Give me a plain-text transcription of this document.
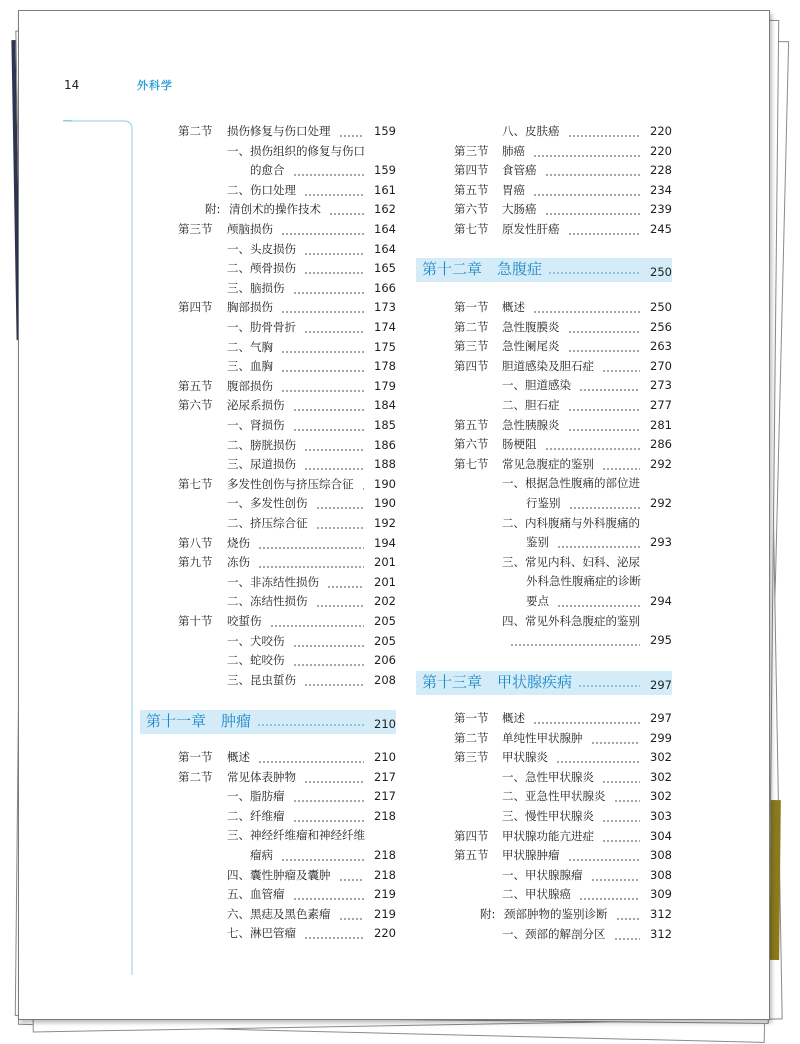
14	外科学
第二节 损伤修复与伤口处理	159
一、损伤组织的修复与伤口
的愈合	159
二、伤口处理	161
附: 清创术的操作技术	162
第三节 颅脑损伤	164
一、头皮损伤	164
二、颅骨损伤	165
三、脑损伤	166
第四节 胸部损伤	173
一、肋骨骨折	174
二、气胸	175
三、血胸	178
第五节 腹部损伤	179
第六节 泌尿系损伤	184
一、肾损伤	185
二、膀胱损伤	186
三、尿道损伤	188
第七节 多发性创伤与挤压综合征	190
一、多发性创伤	190
二、挤压综合征	192
第八节 烧伤	194
第九节 冻伤	201
一、非冻结性损伤	201
二、冻结性损伤	202
第十节 咬蜇伤	205
一、犬咬伤	205
二、蛇咬伤	206
三、昆虫蜇伤	208
第十一章　肿瘤	210
第一节 概述	210
第二节 常见体表肿物	217
一、脂肪瘤	217
二、纤维瘤	218
三、神经纤维瘤和神经纤维
瘤病	218
四、囊性肿瘤及囊肿	218
五、血管瘤	219
六、黑痣及黑色素瘤	219
七、淋巴管瘤	220
八、皮肤癌	220
第三节 肺癌	220
第四节 食管癌	228
第五节 胃癌	234
第六节 大肠癌	239
第七节 原发性肝癌	245
第十二章　急腹症	250
第一节 概述	250
第二节 急性腹膜炎	256
第三节 急性阑尾炎	263
第四节 胆道感染及胆石症	270
一、胆道感染	273
二、胆石症	277
第五节 急性胰腺炎	281
第六节 肠梗阻	286
第七节 常见急腹症的鉴别	292
一、根据急性腹痛的部位进
行鉴别	292
二、内科腹痛与外科腹痛的
鉴别	293
三、常见内科、妇科、泌尿
外科急性腹痛症的诊断
要点	294
四、常见外科急腹症的鉴别
295
第十三章　甲状腺疾病	297
第一节 概述	297
第二节 单纯性甲状腺肿	299
第三节 甲状腺炎	302
一、急性甲状腺炎	302
二、亚急性甲状腺炎	302
三、慢性甲状腺炎	303
第四节 甲状腺功能亢进症	304
第五节 甲状腺肿瘤	308
一、甲状腺腺瘤	308
二、甲状腺癌	309
附: 颈部肿物的鉴别诊断	312
一、颈部的解剖分区	312
